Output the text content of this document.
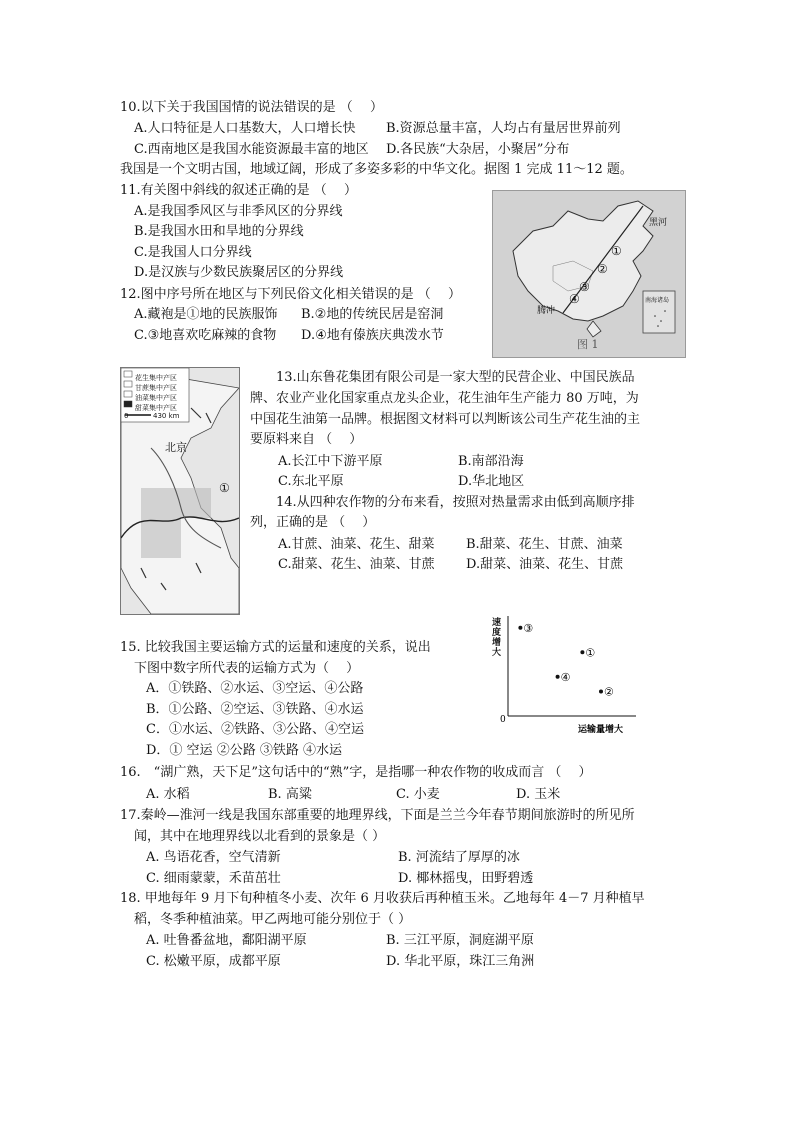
10.以下关于我国国情的说法错误的是 （　 ）
A.人口特征是人口基数大，人口增长快 B.资源总量丰富，人均占有量居世界前列
C.西南地区是我国水能资源最丰富的地区 D.各民族“大杂居，小聚居”分布
我国是一个文明古国，地域辽阔，形成了多姿多彩的中华文化。据图 1 完成 11～12 题。
11.有关图中斜线的叙述正确的是 （　 ）
A.是我国季风区与非季风区的分界线
B.是我国水田和旱地的分界线
C.是我国人口分界线
D.是汉族与少数民族聚居区的分界线
12.图中序号所在地区与下列民俗文化相关错误的是 （　 ）
A.藏袍是①地的民族服饰 B.②地的传统民居是窑洞
C.③地喜欢吃麻辣的食物 D.④地有傣族庆典泼水节
①
②
③
④
黑河
腾冲
南海诸岛
图 1
花生集中产区
甘蔗集中产区
油菜集中产区
甜菜集中产区
0	430 km
北京
①
13.山东鲁花集团有限公司是一家大型的民营企业、中国民族品
牌、农业产业化国家重点龙头企业，花生油年生产能力 80 万吨，为
中国花生油第一品牌。根据图文材料可以判断该公司生产花生油的主
要原料来自 （　 ）
A.长江中下游平原	B.南部沿海
C.东北平原	D.华北地区
14.从四种农作物的分布来看，按照对热量需求由低到高顺序排
列，正确的是 （　 ）
A.甘蔗、油菜、花生、甜菜 B.甜菜、花生、甘蔗、油菜
C.甜菜、花生、油菜、甘蔗 D.甜菜、油菜、花生、甘蔗
15. 比较我国主要运输方式的运量和速度的关系，说出
下图中数字所代表的运输方式为（　 ）
A．①铁路、②水运、③空运、④公路
B．①公路、②空运、③铁路、④水运
C．①水运、②铁路、③公路、④空运
D．① 空运 ②公路 ③铁路 ④水运
0
运输量增大
③
①
④
②
速度增大
16.　“湖广熟，天下足”这句话中的“熟”字，是指哪一种农作物的收成而言 （　 ）
A. 水稻	B. 高粱	C. 小麦	D. 玉米
17.秦岭—淮河一线是我国东部重要的地理界线，下面是兰兰今年春节期间旅游时的所见所
闻，其中在地理界线以北看到的景象是（ ）
A. 鸟语花香，空气清新	B. 河流结了厚厚的冰
C. 细雨蒙蒙，禾苗茁壮	D. 椰林摇曳，田野碧透
18. 甲地每年 9 月下旬种植冬小麦、次年 6 月收获后再种植玉米。乙地每年 4－7 月种植早
稻，冬季种植油菜。甲乙两地可能分别位于（ ）
A. 吐鲁番盆地，鄱阳湖平原	B. 三江平原，洞庭湖平原
C. 松嫩平原，成都平原	D. 华北平原，珠江三角洲
